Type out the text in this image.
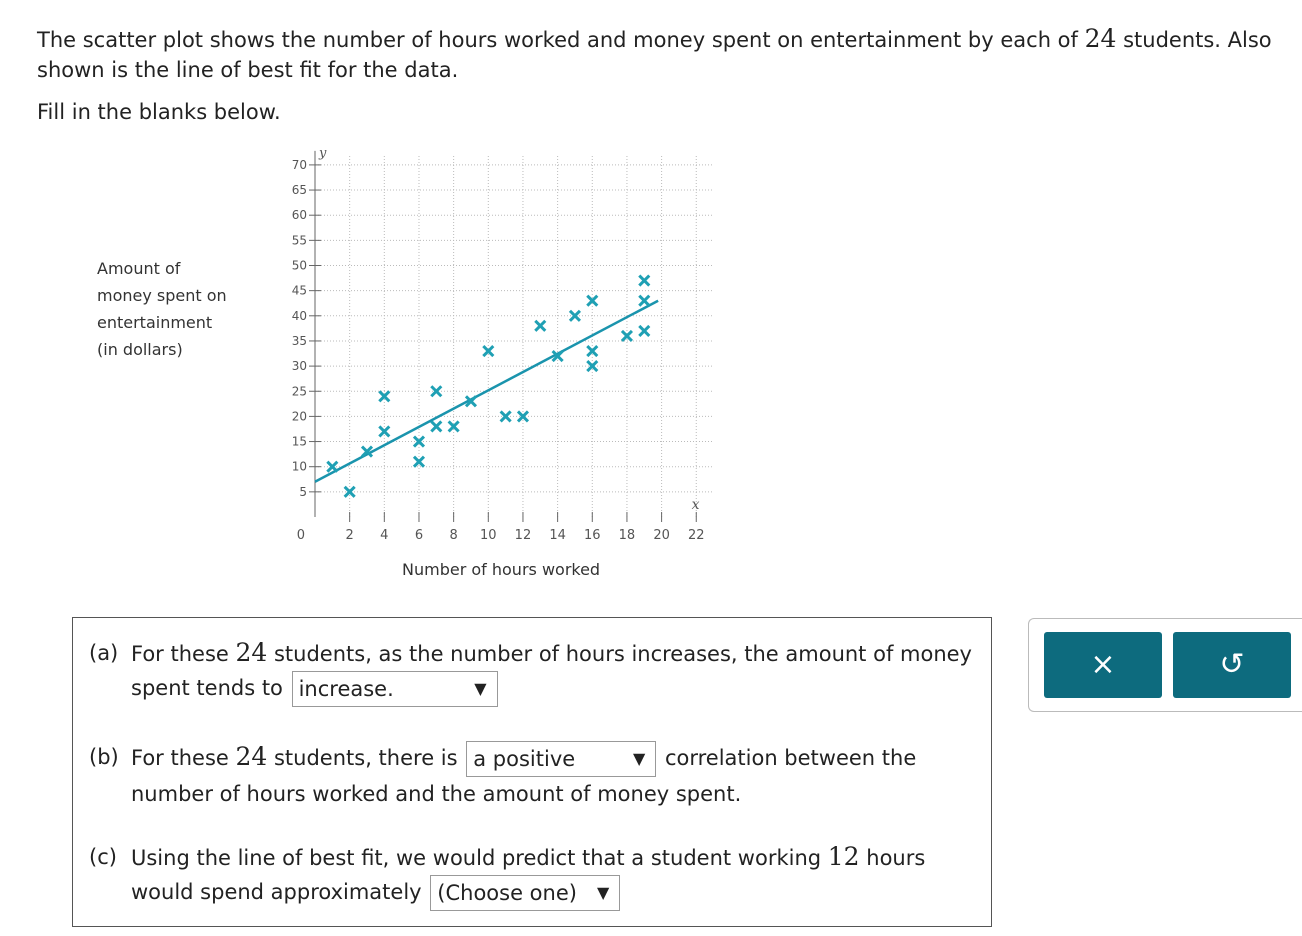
The scatter plot shows the number of hours worked and money spent on entertainment by each of 24 students. Also shown is the line of best fit for the data.
Fill in the blanks below.
Amount of
money spent on
entertainment
(in dollars)
2 4 6 8 10 12 14 16 18 20 22
5
10
15
20
25
30
35
40
45
50
55
60
65
70
0
y
x
Number of hours worked
(a) For these 24 students, as the number of hours increases, the amount of money spent tends to increase.	▼
(b) For these 24 students, there is a positive	▼ correlation between the number of hours worked and the amount of money spent.
(c) Using the line of best fit, we would predict that a student working 12 hours would spend approximately (Choose one) ▼
×	↺
